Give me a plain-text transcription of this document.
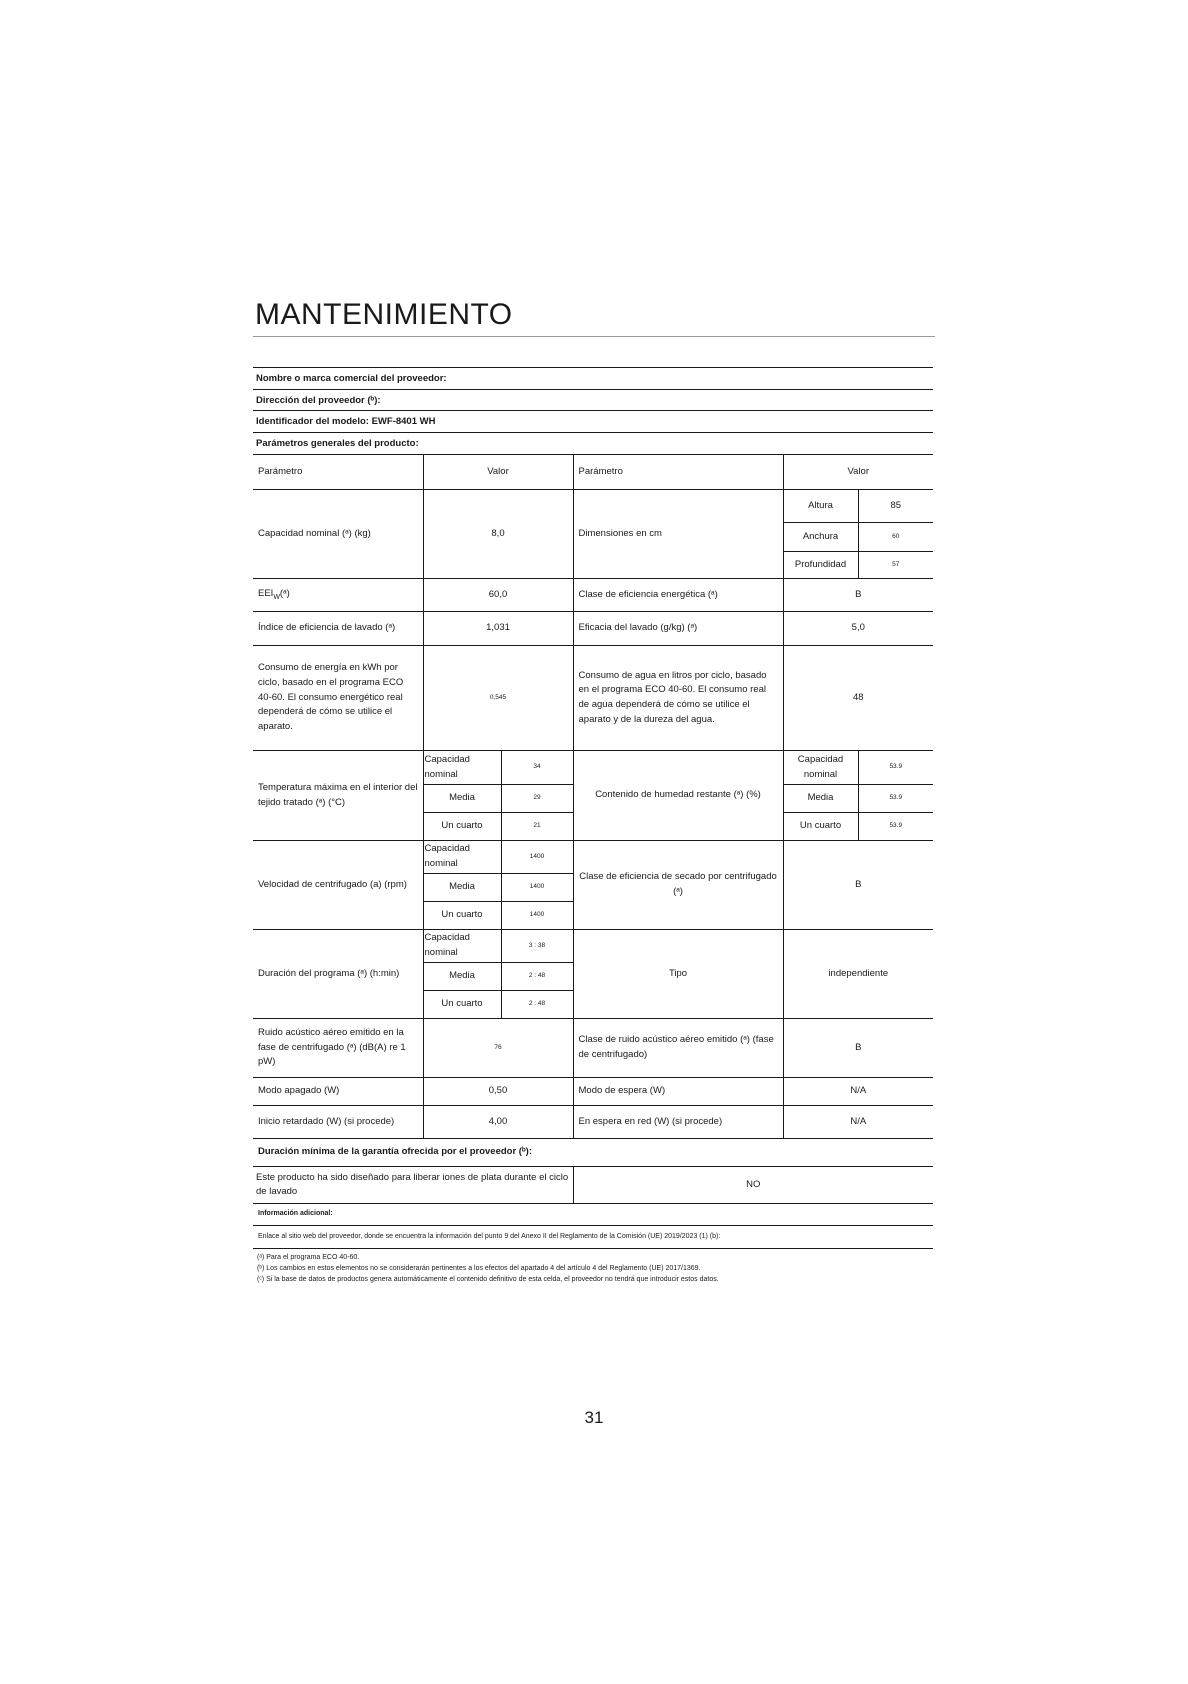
MANTENIMIENTO
Nombre o marca comercial del proveedor:
Dirección del proveedor (ᵇ):
Identificador del modelo: EWF-8401 WH
Parámetros generales del producto:
Parámetro	Valor		Parámetro	Valor	
Capacidad nominal (ᵃ) (kg)	8,0		Dimensiones en cm	Altura	85
				Anchura	60
				Profundidad	57
$EEI_W(ᵃ)$	60,0		Clase de eficiencia energética (ᵃ)	B	
Índice de eficiencia de lavado (ᵃ)	1,031		Eficacia del lavado (g/kg) (ᵃ)	5,0	
Consumo de energía en kWh por ciclo, basado en el programa ECO 40-60. El consumo energético real dependerá de cómo se utilice el aparato.	0,545		Consumo de agua en litros por ciclo, basado en el programa ECO 40-60. El consumo real de agua dependerá de cómo se utilice el aparato y de la dureza del agua.	48	
Temperatura máxima en el interior del tejido tratado (ᵃ) (°C)	Capacidad nominal	34	Contenido de humedad restante (ᵃ) (%)	Capacidad nominal	53.9
	Media	29		Media	53.9
	Un cuarto	21		Un cuarto	53.9
Velocidad de centrifugado (a) (rpm)	Capacidad nominal	1400	Clase de eficiencia de secado por centrifugado (ᵃ)	B	
	Media	1400			
	Un cuarto	1400			
Duración del programa (ᵃ) (h:min)	Capacidad nominal	3 : 38	Tipo	independiente	
	Media	2 : 48			
	Un cuarto	2 : 48			
Ruido acústico aéreo emitido en la fase de centrifugado (ᵃ) (dB(A) re 1 pW)	76		Clase de ruido acústico aéreo emitido (ᵃ) (fase de centrifugado)	B	
Modo apagado (W)	0,50		Modo de espera (W)	N/A	
Inicio retardado (W) (si procede)	4,00		En espera en red (W) (si procede)	N/A	
Duración mínima de la garantía ofrecida por el proveedor (ᵇ):					
Este producto ha sido diseñado para liberar iones de plata durante el ciclo de lavado			NO		
Información adicional:					
Enlace al sitio web del proveedor, donde se encuentra la información del punto 9 del Anexo II del Reglamento de la Comisión (UE) 2019/2023 (1) (b):					
(ᵃ) Para el programa ECO 40-60.
(ᵇ) Los cambios en estos elementos no se considerarán pertinentes a los efectos del apartado 4 del artículo 4 del Reglamento (UE) 2017/1369.
(ᶜ) Si la base de datos de productos genera automáticamente el contenido definitivo de esta celda, el proveedor no tendrá que introducir estos datos.
31
